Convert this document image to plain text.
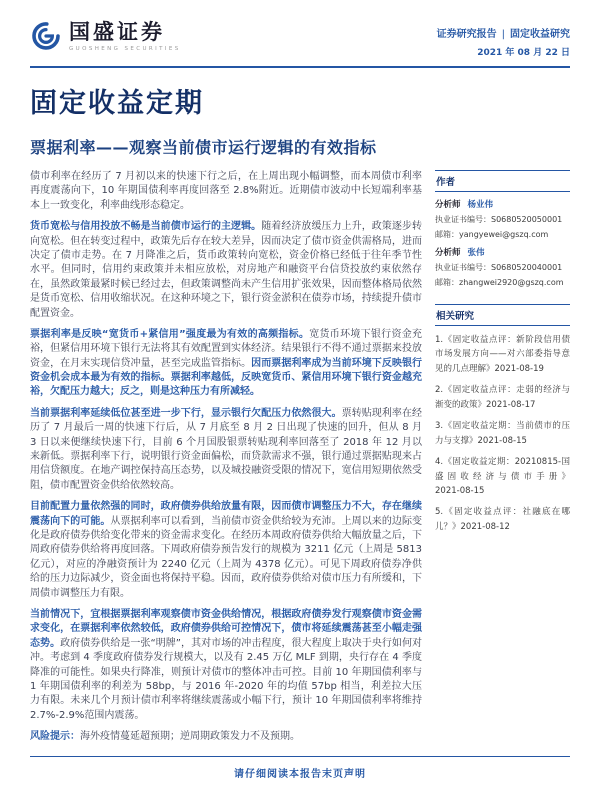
国盛证券
GUOSHENG SECURITIES
证券研究报告 | 固定收益研究
2021 年 08 月 22 日
固定收益定期
票据利率——观察当前债市运行逻辑的有效指标

债市利率在经历了 7 月初以来的快速下行之后，在上周出现小幅调整，而本周债市利率再度震荡向下，10 年期国债利率再度回落至 2.8%附近。近期债市波动中长短端利率基本上一致变化，利率曲线形态稳定。

货币宽松与信用投放不畅是当前债市运行的主逻辑。随着经济放缓压力上升，政策逐步转向宽松。但在转变过程中，政策先后存在较大差异，因而决定了债市资金供需格局，进而决定了债市走势。在 7 月降准之后，货币政策转向宽松，资金价格已经低于往年季节性水平。但同时，信用约束政策并未相应放松，对房地产和融资平台信贷投放约束依然存在，虽然政策最紧时候已经过去，但政策调整尚未产生信用扩张效果，因而整体格局依然是货币宽松、信用收缩状况。在这种环境之下，银行资金淤积在债券市场，持续提升债市配置资金。

票据利率是反映“宽货币+紧信用”强度最为有效的高频指标。宽货币环境下银行资金充裕，但紧信用环境下银行无法将其有效配置到实体经济。结果银行不得不通过票据来投放资金，在月末实现信贷冲量，甚至完成监管指标。因而票据利率成为当前环境下反映银行资金机会成本最为有效的指标。票据利率越低，反映宽货币、紧信用环境下银行资金越充裕，欠配压力越大；反之，则是这种压力有所减轻。

当前票据利率延续低位甚至进一步下行，显示银行欠配压力依然很大。票转贴现利率在经历了 7 月最后一周的快速下行后，从 7 月底至 8 月 2 日出现了快速的回升，但从 8 月 3 日以来便继续快速下行，目前 6 个月国股银票转贴现利率回落至了 2018 年 12 月以来新低。票据利率下行，说明银行资金面偏松，而贷款需求不强，银行通过票据贴现来占用信贷额度。在地产调控保持高压态势，以及城投融资受限的情况下，宽信用短期依然受阻，债市配置资金供给依然较高。

目前配置力量依然强的同时，政府债券供给放量有限，因而债市调整压力不大，存在继续震荡向下的可能。从票据利率可以看到，当前债市资金供给较为充沛。上周以来的边际变化是政府债券供给变化带来的资金需求变化。在经历本周政府债券供给大幅放量之后，下周政府债券供给将再度回落。下周政府债券预告发行的规模为 3211 亿元（上周是 5813 亿元），对应的净融资预计为 2240 亿元（上周为 4378 亿元）。可见下周政府债券净供给的压力边际减少，资金面也将保持平稳。因而，政府债券供给对债市压力有所缓和，下周债市调整压力有限。

当前情况下，宜根据票据利率观察债市资金供给情况，根据政府债券发行观察债市资金需求变化，在票据利率依然较低，政府债券供给可控情况下，债市将延续震荡甚至小幅走强态势。政府债券供给是一张“明牌”，其对市场的冲击程度，很大程度上取决于央行如何对冲。考虑到 4 季度政府债券发行规模大，以及有 2.45 万亿 MLF 到期，央行存在 4 季度降准的可能性。如果央行降准，则预计对债市的整体冲击可控。目前 10 年期国债利率与 1 年期国债利率的利差为 58bp，与 2016 年-2020 年的均值 57bp 相当，利差拉大压力有限。未来几个月预计债市利率将继续震荡或小幅下行，预计 10 年期国债利率将维持 2.7%-2.9%范围内震荡。

风险提示：海外疫情蔓延超预期；逆周期政策发力不及预期。

作者
分析师 杨业伟
执业证书编号：S0680520050001
邮箱：yangyewei@gszq.com
分析师 张伟
执业证书编号：S0680520040001
邮箱：zhangwei2920@gszq.com
相关研究
1.《固定收益点评：新阶段信用债市场发展方向——对六部委指导意见的几点理解》2021-08-19
2.《固定收益点评：走弱的经济与渐变的政策》2021-08-17
3.《固定收益定期：当前债市的压力与支撑》2021-08-15
4.《固定收益定期：20210815-国盛固收经济与债市手册》2021-08-15
5.《固定收益点评：社融底在哪儿？》2021-08-12
请仔细阅读本报告末页声明
